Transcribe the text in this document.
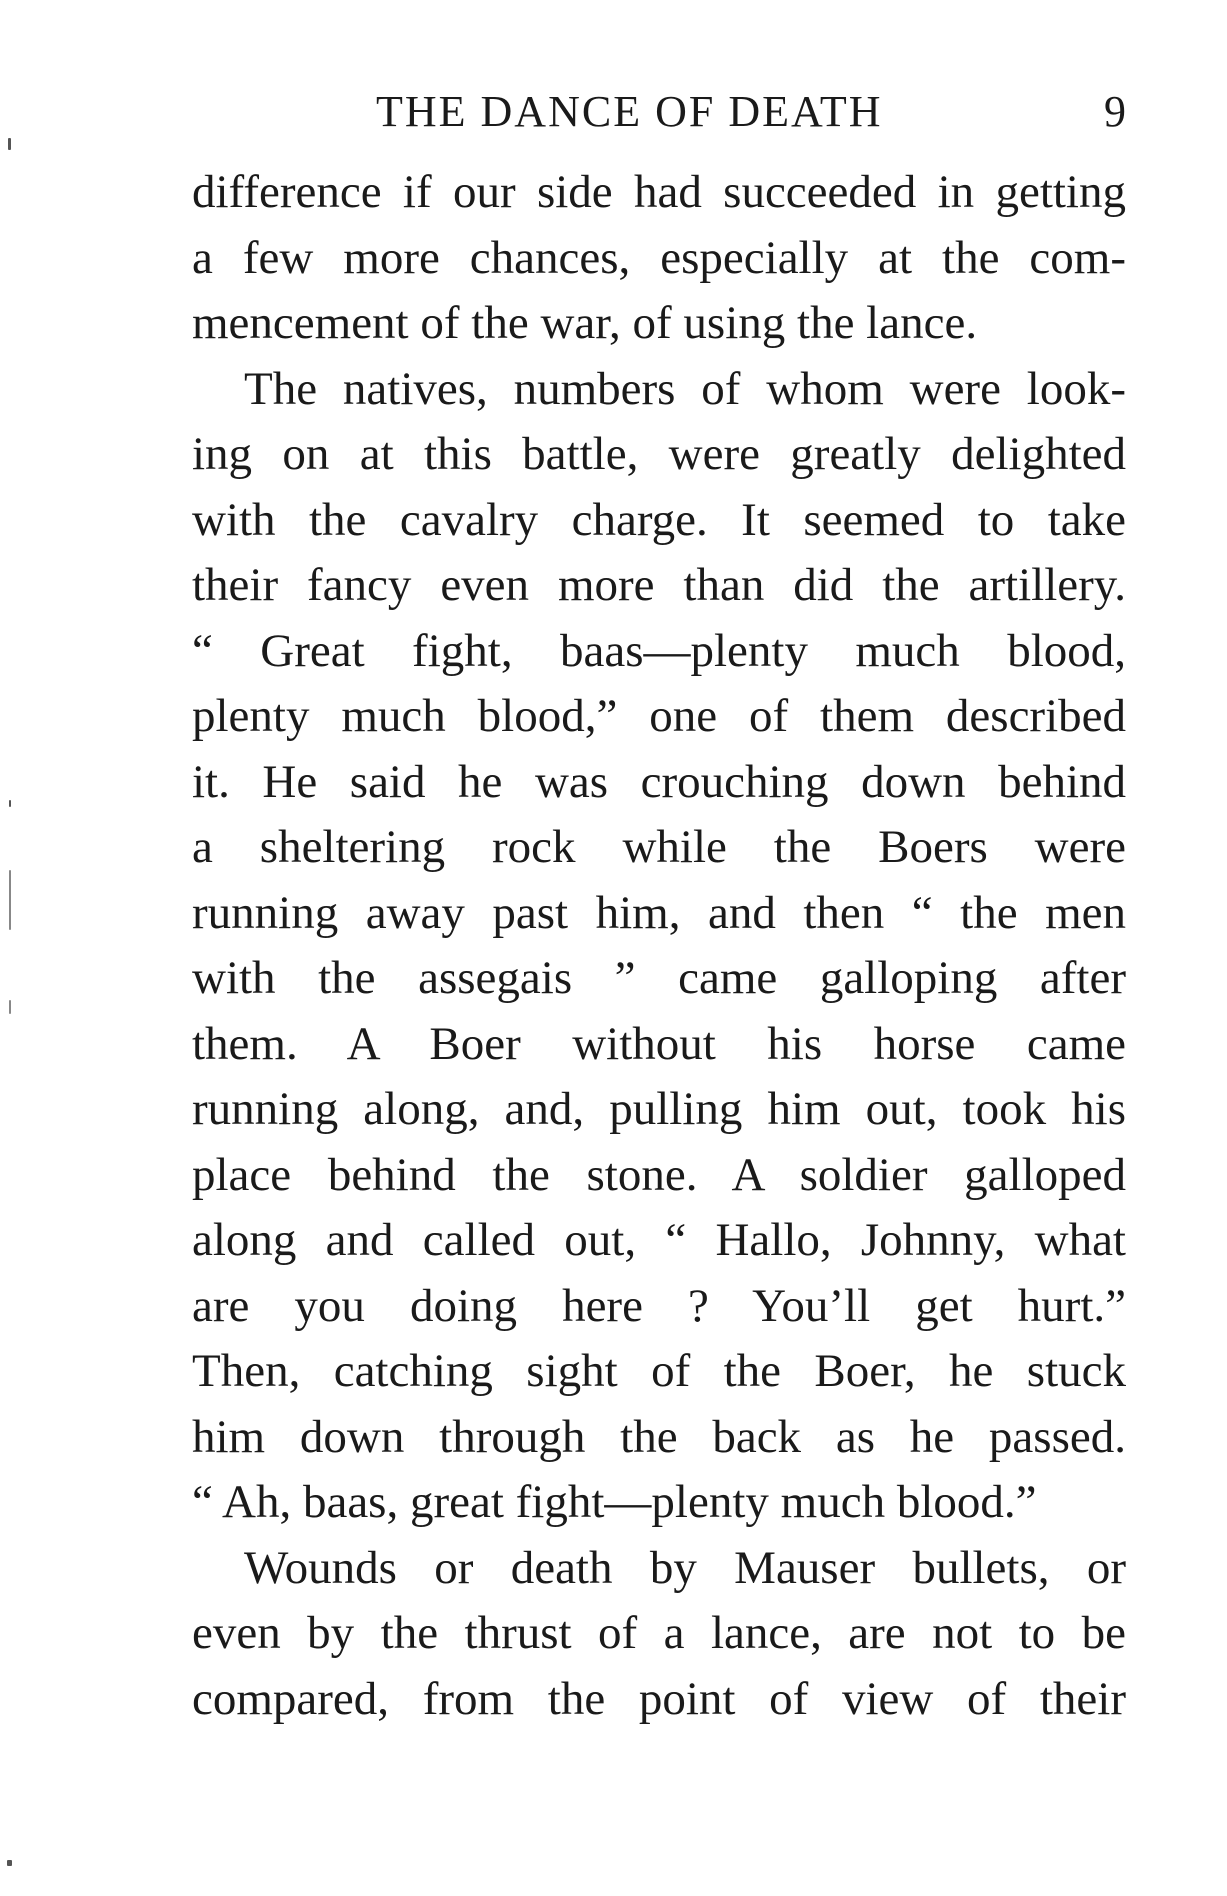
THE DANCE OF DEATH	9
difference if our side had succeeded in getting
a few more chances, especially at the com-
mencement of the war, of using the lance.
The natives, numbers of whom were look-
ing on at this battle, were greatly delighted
with the cavalry charge. It seemed to take
their fancy even more than did the artillery.
“ Great fight, baas—plenty much blood,
plenty much blood,” one of them described
it. He said he was crouching down behind
a sheltering rock while the Boers were
running away past him, and then “ the men
with the assegais ” came galloping after
them. A Boer without his horse came
running along, and, pulling him out, took his
place behind the stone. A soldier galloped
along and called out, “ Hallo, Johnny, what
are you doing here ? You’ll get hurt.”
Then, catching sight of the Boer, he stuck
him down through the back as he passed.
“ Ah, baas, great fight—plenty much blood.”
Wounds or death by Mauser bullets, or
even by the thrust of a lance, are not to be
compared, from the point of view of their
